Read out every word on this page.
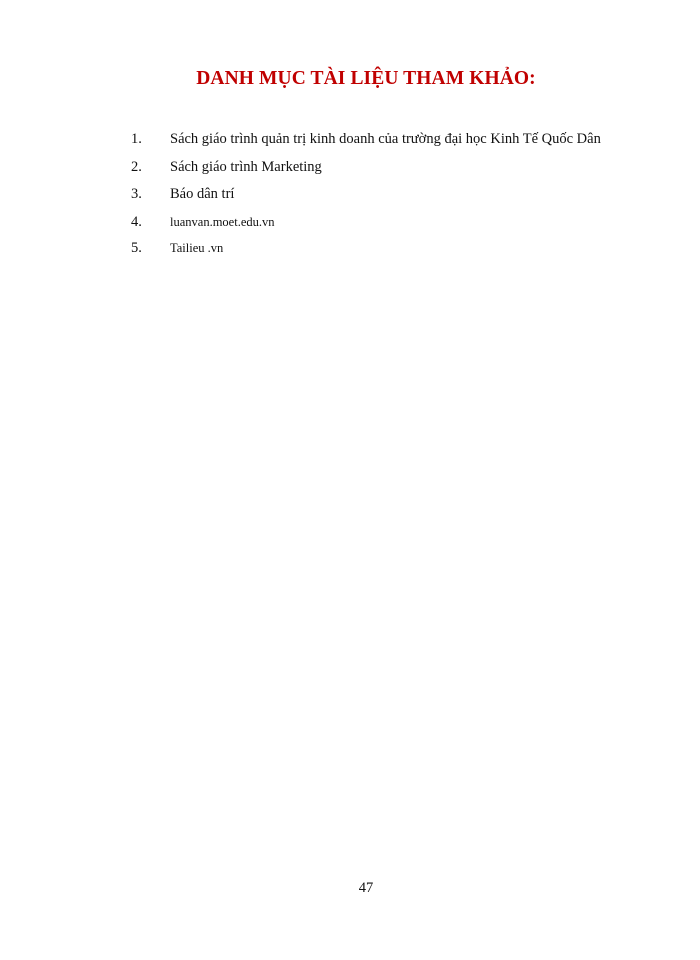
DANH MỤC TÀI LIỆU THAM KHẢO:
1. Sách giáo trình quản trị kinh doanh của trường đại học Kinh Tế Quốc Dân
2. Sách giáo trình Marketing
3. Báo dân trí
4. luanvan.moet.edu.vn
5. Tailieu .vn
47
